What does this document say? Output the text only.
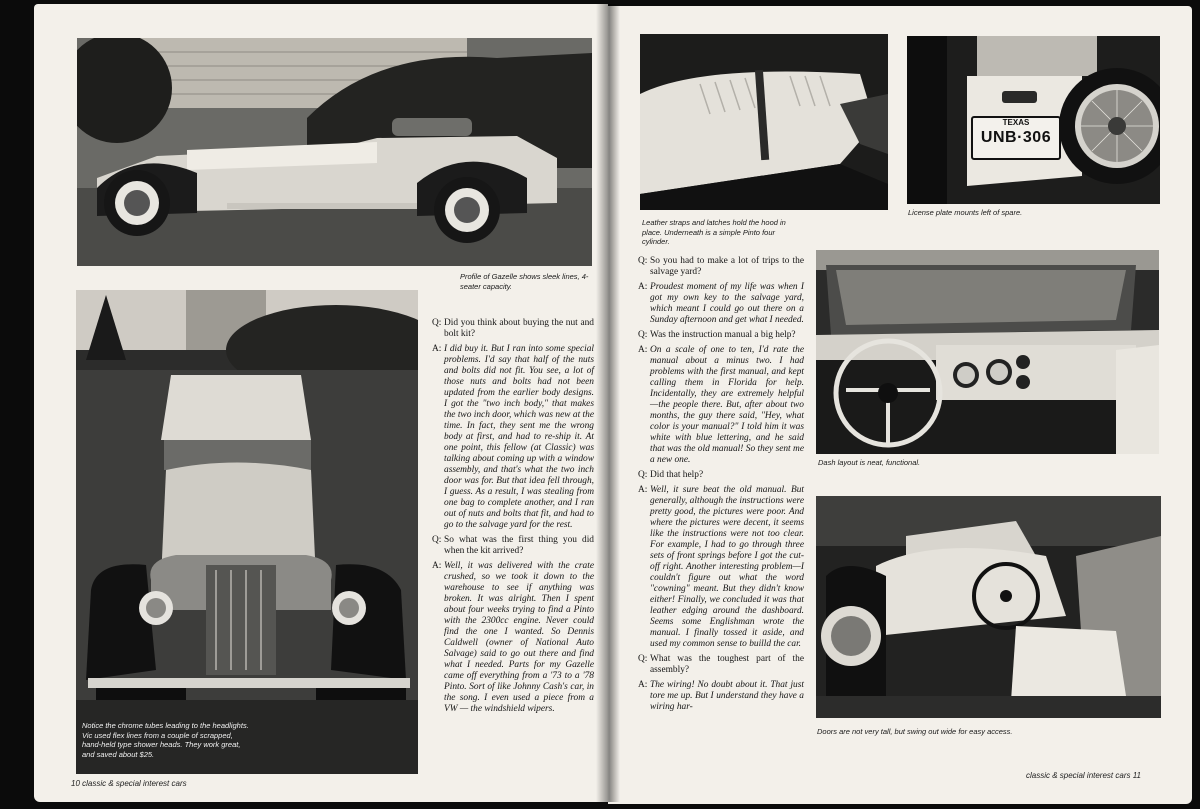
Profile of Gazelle shows sleek lines, 4-seater capacity.
Notice the chrome tubes leading to the headlights. Vic used flex lines from a couple of scrapped, hand-held type shower heads. They work great, and saved about $25.
Q: Did you think about buying the nut and bolt kit?
A: I did buy it. But I ran into some special problems. I'd say that half of the nuts and bolts did not fit. You see, a lot of those nuts and bolts had not been updated from the earlier body designs. I got the "two inch body," that makes the two inch door, which was new at the time. In fact, they sent me the wrong body at first, and had to re-ship it. At one point, this fellow (at Classic) was talking about coming up with a window assembly, and that's what the two inch door was for. But that idea fell through, I guess. As a result, I was stealing from one bag to complete another, and I ran out of nuts and bolts that fit, and had to go to the salvage yard for the rest.
Q: So what was the first thing you did when the kit arrived?
A: Well, it was delivered with the crate crushed, so we took it down to the warehouse to see if anything was broken. It was alright. Then I spent about four weeks trying to find a Pinto with the 2300cc engine. Never could find the one I wanted. So Dennis Caldwell (owner of National Auto Salvage) said to go out there and find what I needed. Parts for my Gazelle came off everything from a '73 to a '78 Pinto. Sort of like Johnny Cash's car, in the song. I even used a piece from a VW — the windshield wipers.
10 classic & special interest cars
Leather straps and latches hold the hood in place. Underneath is a simple Pinto four cylinder.
TEXAS
UNB·306
License plate mounts left of spare.
Q: So you had to make a lot of trips to the salvage yard?
A: Proudest moment of my life was when I got my own key to the salvage yard, which meant I could go out there on a Sunday afternoon and get what I needed.
Q: Was the instruction manual a big help?
A: On a scale of one to ten, I'd rate the manual about a minus two. I had problems with the first manual, and kept calling them in Florida for help. Incidentally, they are extremely helpful—the people there. But, after about two months, the guy there said, "Hey, what color is your manual?" I told him it was white with blue lettering, and he said that was the old manual! So they sent me a new one.
Q: Did that help?
A: Well, it sure beat the old manual. But generally, although the instructions were pretty good, the pictures were poor. And where the pictures were decent, it seems like the instructions were not too clear. For example, I had to go through three sets of front springs before I got the cut-off right. Another interesting problem—I couldn't figure out what the word "cowning" meant. But they didn't know either! Finally, we concluded it was that leather edging around the dashboard. Seems some Englishman wrote the manual. I finally tossed it aside, and used my common sense to builld the car.
Q: What was the toughest part of the assembly?
A: The wiring! No doubt about it. That just tore me up. But I understand they have a wiring har-
Dash layout is neat, functional.
Doors are not very tall, but swing out wide for easy access.
classic & special interest cars 11
